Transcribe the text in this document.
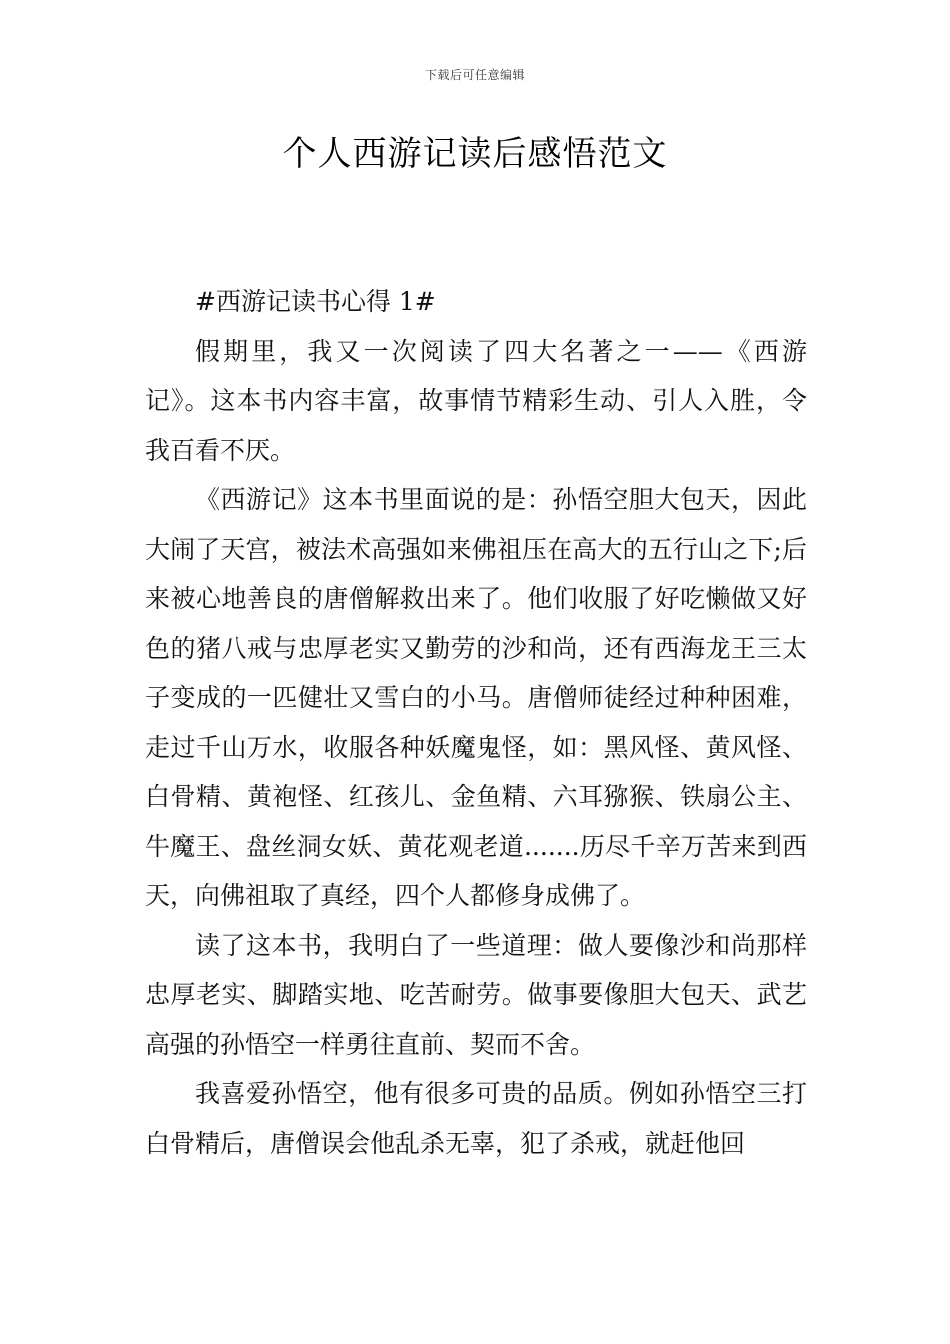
下载后可任意编辑
个人西游记读后感悟范文

#西游记读书心得 1#

假期里，我又一次阅读了四大名著之一——《西游记》。这本书内容丰富，故事情节精彩生动、引人入胜，令我百看不厌。

《西游记》这本书里面说的是：孙悟空胆大包天，因此大闹了天宫，被法术高强如来佛祖压在高大的五行山之下;后来被心地善良的唐僧解救出来了。他们收服了好吃懒做又好色的猪八戒与忠厚老实又勤劳的沙和尚，还有西海龙王三太子变成的一匹健壮又雪白的小马。唐僧师徒经过种种困难，走过千山万水，收服各种妖魔鬼怪，如：黑风怪、黄风怪、白骨精、黄袍怪、红孩儿、金鱼精、六耳猕猴、铁扇公主、牛魔王、盘丝洞女妖、黄花观老道.......历尽千辛万苦来到西天，向佛祖取了真经，四个人都修身成佛了。

读了这本书，我明白了一些道理：做人要像沙和尚那样忠厚老实、脚踏实地、吃苦耐劳。做事要像胆大包天、武艺高强的孙悟空一样勇往直前、契而不舍。

我喜爱孙悟空，他有很多可贵的品质。例如孙悟空三打白骨精后，唐僧误会他乱杀无辜，犯了杀戒，就赶他回
